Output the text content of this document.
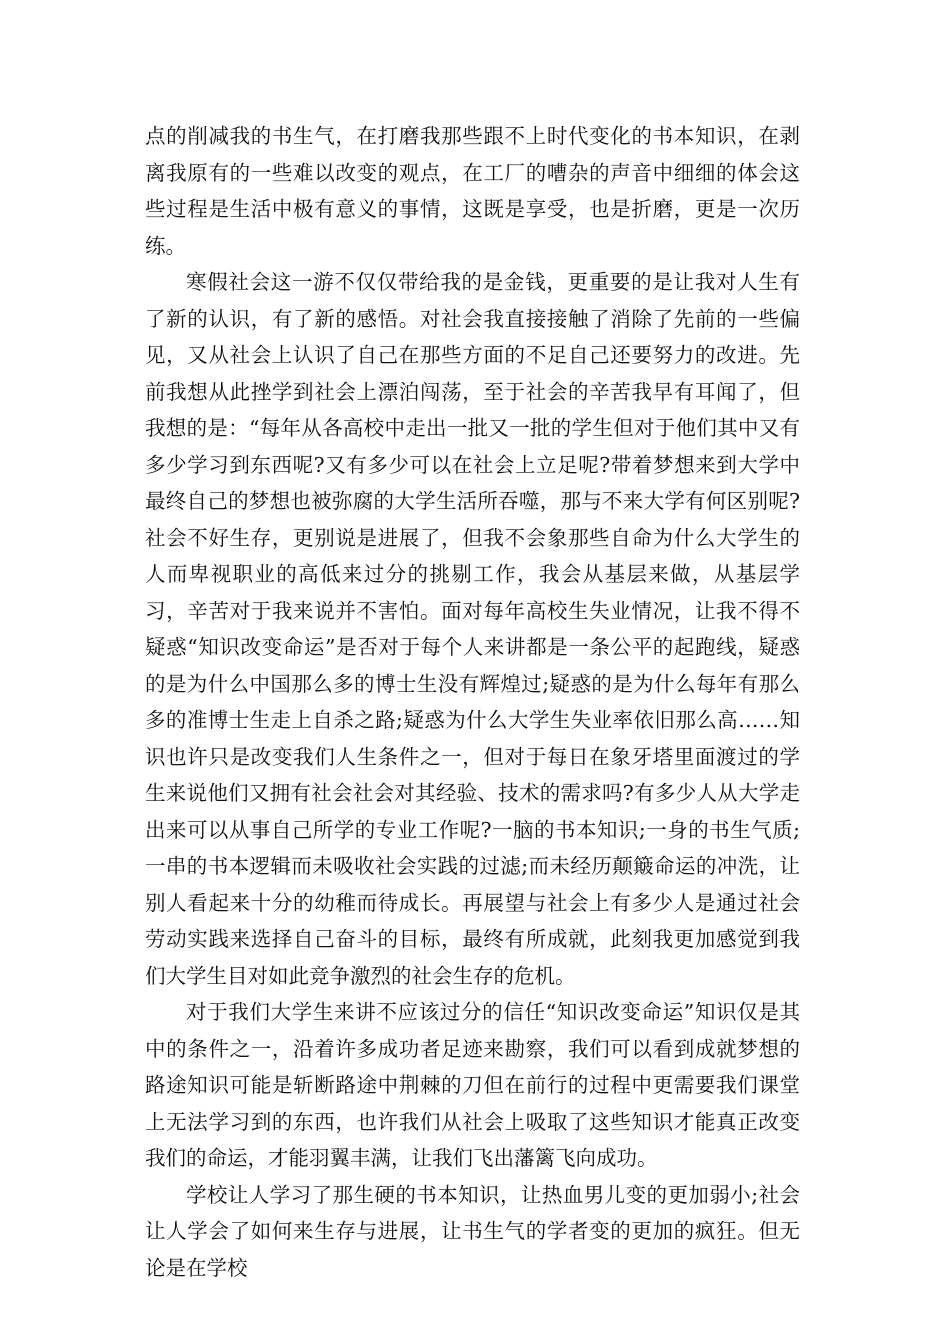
点的削减我的书生气，在打磨我那些跟不上时代变化的书本知识，在剥离我原有的一些难以改变的观点，在工厂的嘈杂的声音中细细的体会这些过程是生活中极有意义的事情，这既是享受，也是折磨，更是一次历练。

寒假社会这一游不仅仅带给我的是金钱，更重要的是让我对人生有了新的认识，有了新的感悟。对社会我直接接触了消除了先前的一些偏见，又从社会上认识了自己在那些方面的不足自己还要努力的改进。先前我想从此挫学到社会上漂泊闯荡，至于社会的辛苦我早有耳闻了，但我想的是：“每年从各高校中走出一批又一批的学生但对于他们其中又有多少学习到东西呢?又有多少可以在社会上立足呢?带着梦想来到大学中最终自己的梦想也被弥腐的大学生活所吞噬，那与不来大学有何区别呢?社会不好生存，更别说是进展了，但我不会象那些自命为什么大学生的人而卑视职业的高低来过分的挑剔工作，我会从基层来做，从基层学习，辛苦对于我来说并不害怕。面对每年高校生失业情况，让我不得不疑惑“知识改变命运”是否对于每个人来讲都是一条公平的起跑线，疑惑的是为什么中国那么多的博士生没有辉煌过;疑惑的是为什么每年有那么多的准博士生走上自杀之路;疑惑为什么大学生失业率依旧那么高……知识也许只是改变我们人生条件之一，但对于每日在象牙塔里面渡过的学生来说他们又拥有社会社会对其经验、技术的需求吗?有多少人从大学走出来可以从事自己所学的专业工作呢?一脑的书本知识;一身的书生气质;一串的书本逻辑而未吸收社会实践的过滤;而未经历颠簸命运的冲洗，让别人看起来十分的幼稚而待成长。再展望与社会上有多少人是通过社会劳动实践来选择自己奋斗的目标，最终有所成就，此刻我更加感觉到我们大学生目对如此竞争激烈的社会生存的危机。

对于我们大学生来讲不应该过分的信任“知识改变命运”知识仅是其中的条件之一，沿着许多成功者足迹来勘察，我们可以看到成就梦想的路途知识可能是斩断路途中荆棘的刀但在前行的过程中更需要我们课堂上无法学习到的东西，也许我们从社会上吸取了这些知识才能真正改变我们的命运，才能羽翼丰满，让我们飞出藩篱飞向成功。

学校让人学习了那生硬的书本知识，让热血男儿变的更加弱小;社会让人学会了如何来生存与进展，让书生气的学者变的更加的疯狂。但无论是在学校
